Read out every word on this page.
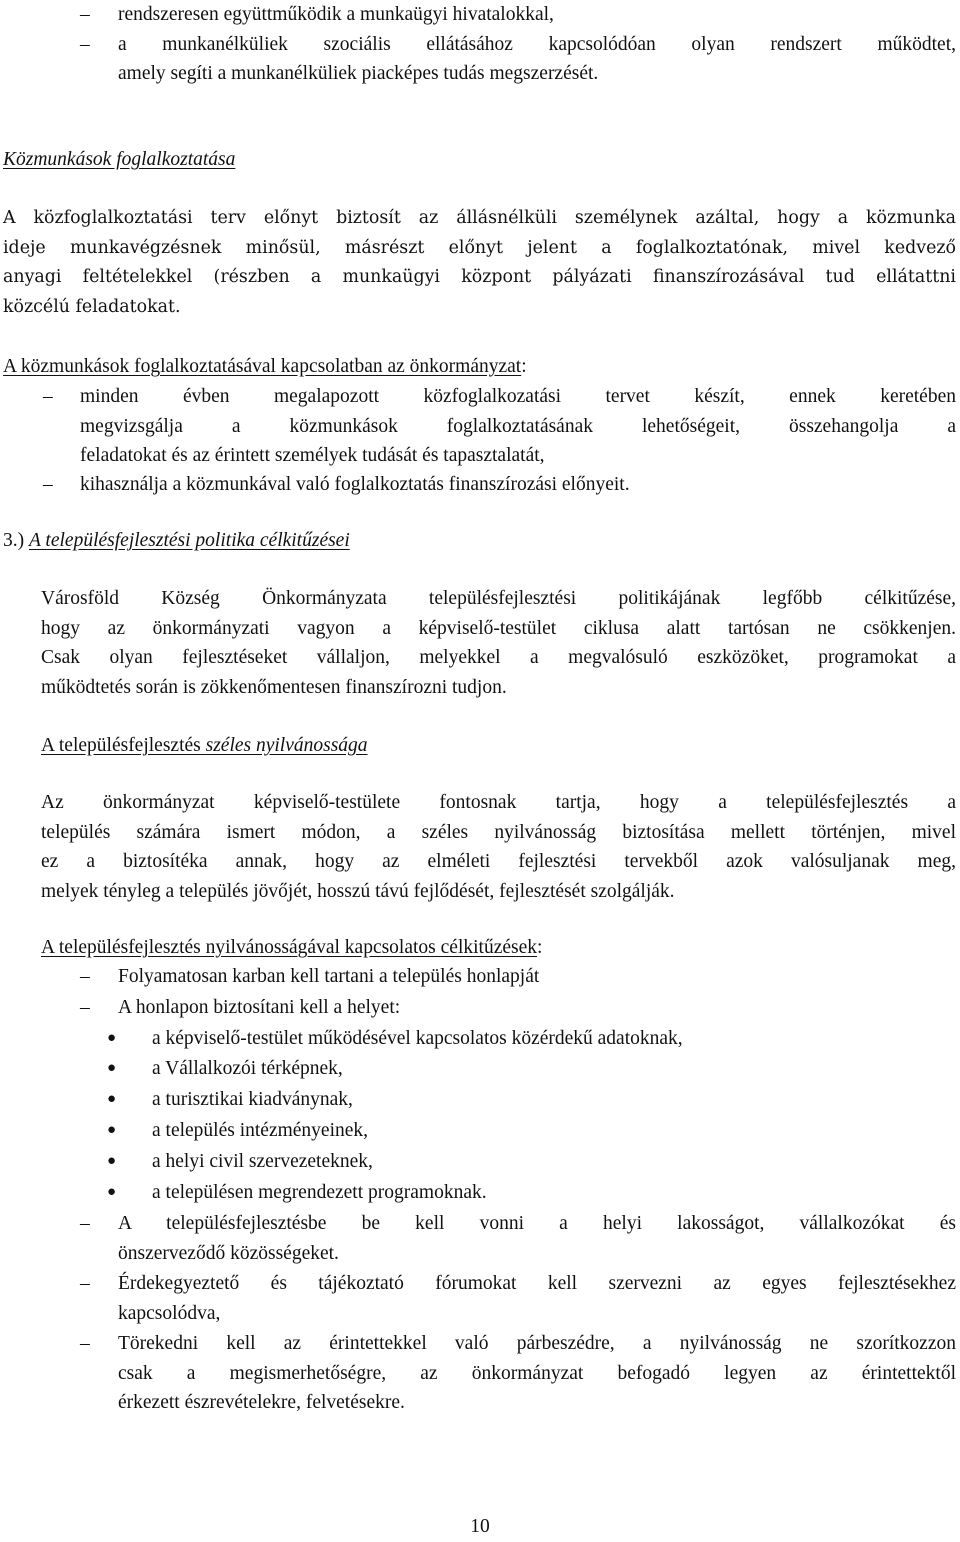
– rendszeresen együttműködik a munkaügyi hivatalokkal,
– a munkanélküliek szociális ellátásához kapcsolódóan olyan rendszert működtet,
amely segíti a munkanélküliek piacképes tudás megszerzését.
Közmunkások foglalkoztatása
A közfoglalkoztatási terv előnyt biztosít az állásnélküli személynek azáltal, hogy a közmunka
ideje munkavégzésnek minősül, másrészt előnyt jelent a foglalkoztatónak, mivel kedvező
anyagi feltételekkel (részben a munkaügyi központ pályázati finanszírozásával tud ellátattni
közcélú feladatokat.
A közmunkások foglalkoztatásával kapcsolatban az önkormányzat:
– minden évben megalapozott közfoglalkozatási tervet készít, ennek keretében
megvizsgálja a közmunkások foglalkoztatásának lehetőségeit, összehangolja a
feladatokat és az érintett személyek tudását és tapasztalatát,
– kihasználja a közmunkával való foglalkoztatás finanszírozási előnyeit.
3.) A településfejlesztési politika célkitűzései
Városföld Község Önkormányzata településfejlesztési politikájának legfőbb célkitűzése,
hogy az önkormányzati vagyon a képviselő-testület ciklusa alatt tartósan ne csökkenjen.
Csak olyan fejlesztéseket vállaljon, melyekkel a megvalósuló eszközöket, programokat a
működtetés során is zökkenőmentesen finanszírozni tudjon.
A településfejlesztés széles nyilvánossága
Az önkormányzat képviselő-testülete fontosnak tartja, hogy a településfejlesztés a
település számára ismert módon, a széles nyilvánosság biztosítása mellett történjen, mivel
ez a biztosítéka annak, hogy az elméleti fejlesztési tervekből azok valósuljanak meg,
melyek tényleg a település jövőjét, hosszú távú fejlődését, fejlesztését szolgálják.
A településfejlesztés nyilvánosságával kapcsolatos célkitűzések:
– Folyamatosan karban kell tartani a település honlapját
– A honlapon biztosítani kell a helyet:
● a képviselő-testület működésével kapcsolatos közérdekű adatoknak,
● a Vállalkozói térképnek,
● a turisztikai kiadványnak,
● a település intézményeinek,
● a helyi civil szervezeteknek,
● a településen megrendezett programoknak.
– A településfejlesztésbe be kell vonni a helyi lakosságot, vállalkozókat és
önszerveződő közösségeket.
– Érdekegyeztető és tájékoztató fórumokat kell szervezni az egyes fejlesztésekhez
kapcsolódva,
– Törekedni kell az érintettekkel való párbeszédre, a nyilvánosság ne szorítkozzon
csak a megismerhetőségre, az önkormányzat befogadó legyen az érintettektől
érkezett észrevételekre, felvetésekre.
10
